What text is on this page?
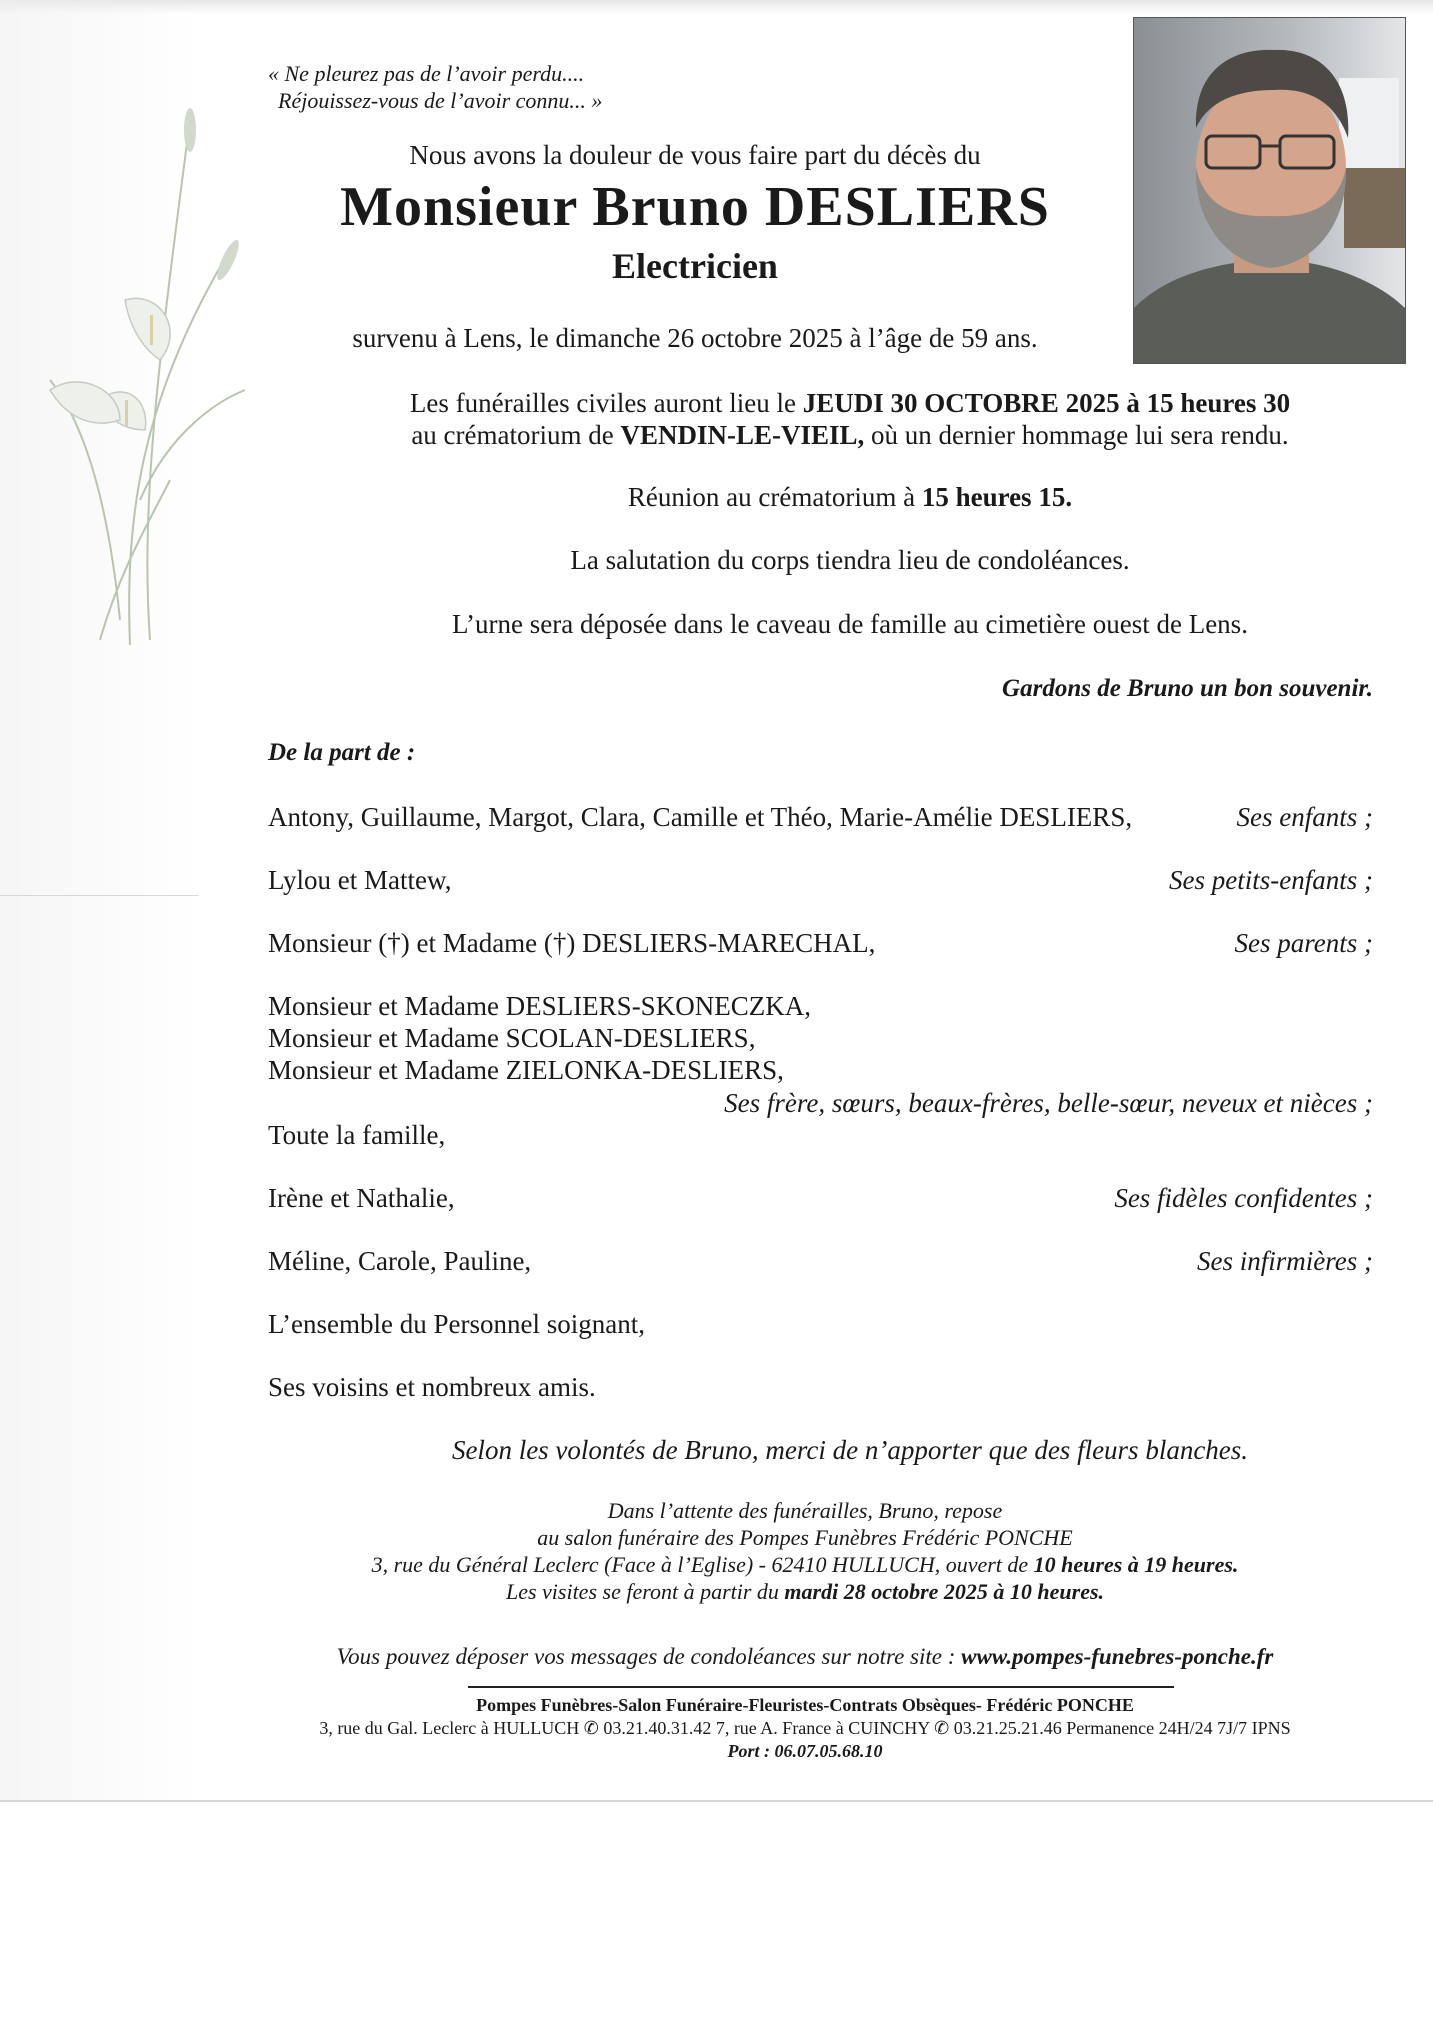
« Ne pleurez pas de l’avoir perdu....
Réjouissez-vous de l’avoir connu... »
Nous avons la douleur de vous faire part du décès du
Monsieur Bruno DESLIERS
Electricien
survenu à Lens, le dimanche 26 octobre 2025 à l’âge de 59 ans.
Les funérailles civiles auront lieu le JEUDI 30 OCTOBRE 2025 à 15 heures 30
au crématorium de VENDIN-LE-VIEIL, où un dernier hommage lui sera rendu.
Réunion au crématorium à 15 heures 15.
La salutation du corps tiendra lieu de condoléances.
L’urne sera déposée dans le caveau de famille au cimetière ouest de Lens.
Gardons de Bruno un bon souvenir.
De la part de :
Antony, Guillaume, Margot, Clara, Camille et Théo, Marie-Amélie DESLIERS,	Ses enfants ;
Lylou et Mattew,	Ses petits-enfants ;
Monsieur (†) et Madame (†) DESLIERS-MARECHAL,	Ses parents ;
Monsieur et Madame DESLIERS-SKONECZKA,
Monsieur et Madame SCOLAN-DESLIERS,
Monsieur et Madame ZIELONKA-DESLIERS,
Ses frère, sœurs, beaux-frères, belle-sœur, neveux et nièces ;
Toute la famille,
Irène et Nathalie,	Ses fidèles confidentes ;
Méline, Carole, Pauline,	Ses infirmières ;
L’ensemble du Personnel soignant,
Ses voisins et nombreux amis.
Selon les volontés de Bruno, merci de n’apporter que des fleurs blanches.
Dans l’attente des funérailles, Bruno, repose
au salon funéraire des Pompes Funèbres Frédéric PONCHE
3, rue du Général Leclerc (Face à l’Eglise) - 62410 HULLUCH, ouvert de 10 heures à 19 heures.
Les visites se feront à partir du mardi 28 octobre 2025 à 10 heures.
Vous pouvez déposer vos messages de condoléances sur notre site : www.pompes-funebres-ponche.fr
Pompes Funèbres-Salon Funéraire-Fleuristes-Contrats Obsèques- Frédéric PONCHE
3, rue du Gal. Leclerc à HULLUCH ✆ 03.21.40.31.42 7, rue A. France à CUINCHY ✆ 03.21.25.21.46 Permanence 24H/24 7J/7 IPNS
Port : 06.07.05.68.10
